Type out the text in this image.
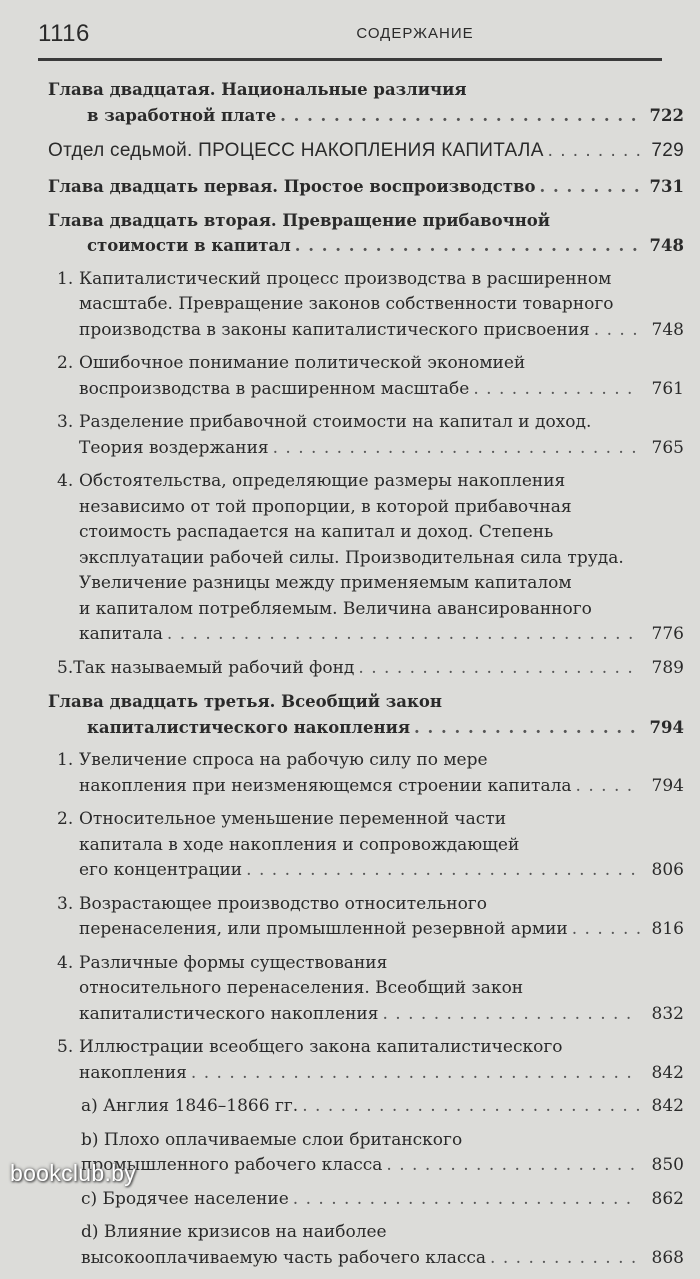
1116	СОДЕРЖАНИЕ
Глава двадцатая. Национальные различия
в заработной плате . . .	722
Отдел седьмой. ПРОЦЕСС НАКОПЛЕНИЯ КАПИТАЛА . . .	729
Глава двадцать первая. Простое воспроизводство . . .	731
Глава двадцать вторая. Превращение прибавочной
стоимости в капитал . . .	748
1. Капиталистический процесс производства в расширенном
масштабе. Превращение законов собственности товарного
производства в законы капиталистического присвоения . . .	748
2. Ошибочное понимание политической экономией
воспроизводства в расширенном масштабе . . .	761
3. Разделение прибавочной стоимости на капитал и доход.
Теория воздержания . . .	765
4. Обстоятельства, определяющие размеры накопления
независимо от той пропорции, в которой прибавочная
стоимость распадается на капитал и доход. Степень
эксплуатации рабочей силы. Производительная сила труда.
Увеличение разницы между применяемым капиталом
и капиталом потребляемым. Величина авансированного
капитала . . .	776
5. Так называемый рабочий фонд . . .	789
Глава двадцать третья. Всеобщий закон
капиталистического накопления . . .	794
1. Увеличение спроса на рабочую силу по мере
накопления при неизменяющемся строении капитала . . .	794
2. Относительное уменьшение переменной части
капитала в ходе накопления и сопровождающей
его концентрации . . .	806
3. Возрастающее производство относительного
перенаселения, или промышленной резервной армии . . .	816
4. Различные формы существования
относительного перенаселения. Всеобщий закон
капиталистического накопления . . .	832
5. Иллюстрации всеобщего закона капиталистического
накопления . . .	842
a) Англия 1846–1866 гг. . . .	842
b) Плохо оплачиваемые слои британского
промышленного рабочего класса . . .	850
c) Бродячее население . . .	862
d) Влияние кризисов на наиболее
высокооплачиваемую часть рабочего класса . . .	868
bookclub.by
